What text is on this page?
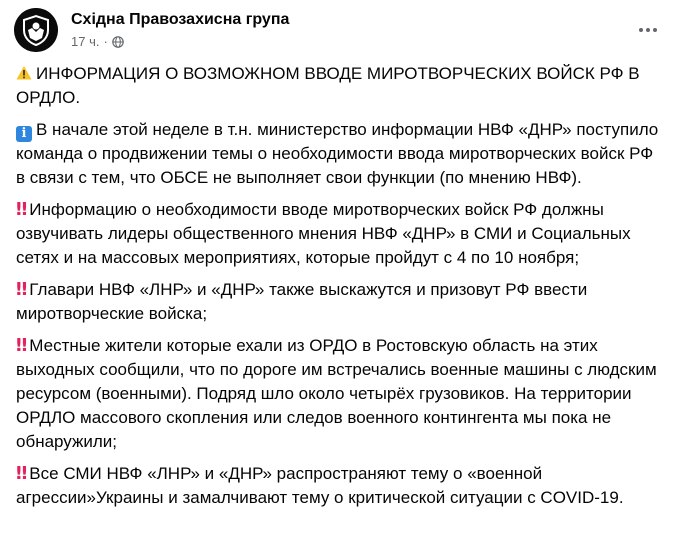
Східна Правозахисна група
17 ч. ·

ИНФОРМАЦИЯ О ВОЗМОЖНОМ ВВОДЕ МИРОТВОРЧЕСКИХ ВОЙСК РФ В ОРДЛО.

i В начале этой неделе в т.н. министерство информации НВФ «ДНР» поступило команда о продвижении темы о необходимости ввода миротворческих войск РФ в связи с тем, что ОБСЕ не выполняет свои функции (по мнению НВФ).

‼ Информацию о необходимости вводе миротворческих войск РФ должны озвучивать лидеры общественного мнения НВФ «ДНР» в СМИ и Социальных сетях и на массовых мероприятиях, которые пройдут с 4 по 10 ноября;

‼ Главари НВФ «ЛНР» и «ДНР» также выскажутся и призовут РФ ввести миротворческие войска;

‼ Местные жители которые ехали из ОРДО в Ростовскую область на этих выходных сообщили, что по дороге им встречались военные машины с людским ресурсом (военными). Подряд шло около четырёх грузовиков. На территории ОРДЛО массового скопления или следов военного контингента мы пока не обнаружили;

‼ Все СМИ НВФ «ЛНР» и «ДНР» распространяют тему о «военной агрессии»Украины и замалчивают тему о критической ситуации с COVID-19.
